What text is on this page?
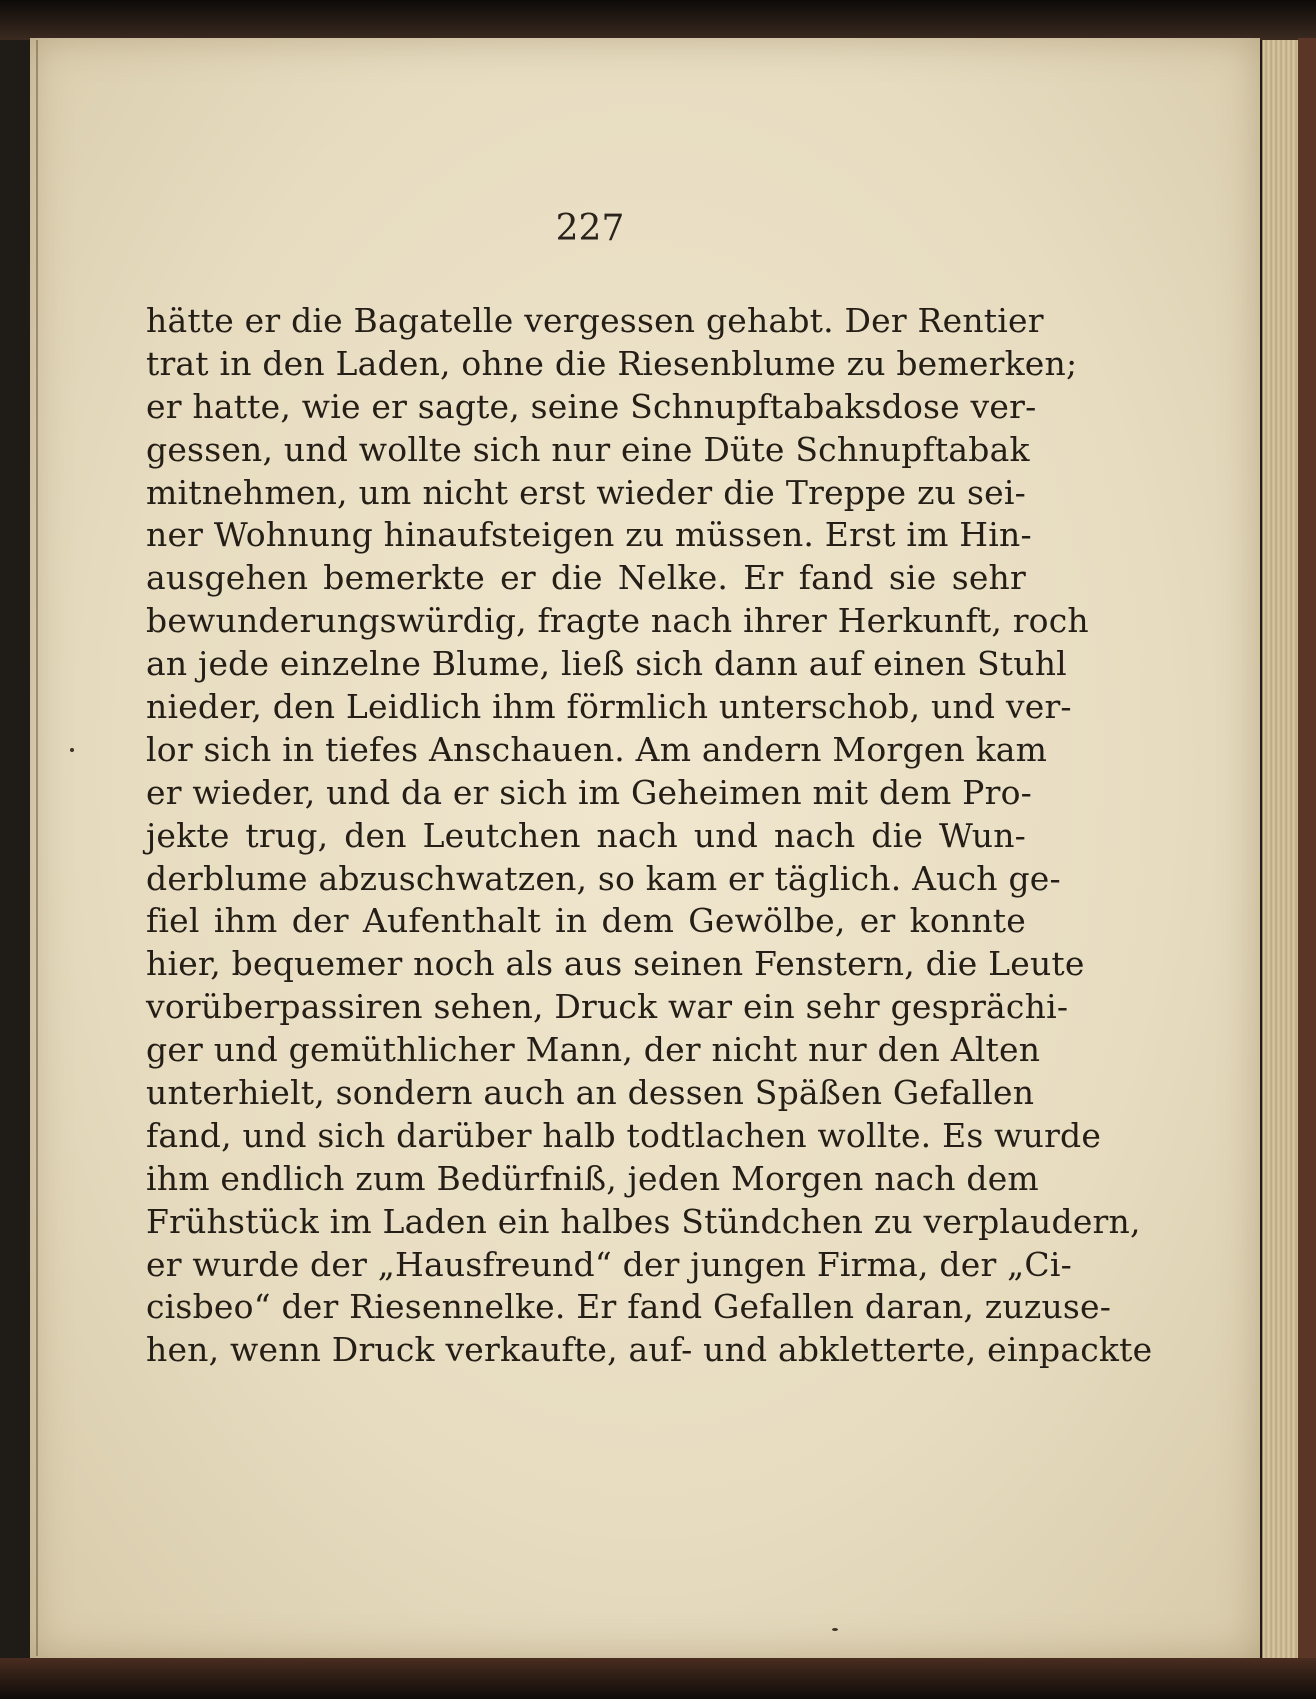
227
hätte er die Bagatelle vergessen gehabt. Der Rentier
trat in den Laden, ohne die Riesenblume zu bemerken;
er hatte, wie er sagte, seine Schnupftabaksdose ver-
gessen, und wollte sich nur eine Düte Schnupftabak
mitnehmen, um nicht erst wieder die Treppe zu sei-
ner Wohnung hinaufsteigen zu müssen. Erst im Hin-
ausgehen bemerkte er die Nelke. Er fand sie sehr
bewunderungswürdig, fragte nach ihrer Herkunft, roch
an jede einzelne Blume, ließ sich dann auf einen Stuhl
nieder, den Leidlich ihm förmlich unterschob, und ver-
lor sich in tiefes Anschauen. Am andern Morgen kam
er wieder, und da er sich im Geheimen mit dem Pro-
jekte trug, den Leutchen nach und nach die Wun-
derblume abzuschwatzen, so kam er täglich. Auch ge-
fiel ihm der Aufenthalt in dem Gewölbe, er konnte
hier, bequemer noch als aus seinen Fenstern, die Leute
vorüberpassiren sehen, Druck war ein sehr gesprächi-
ger und gemüthlicher Mann, der nicht nur den Alten
unterhielt, sondern auch an dessen Späßen Gefallen
fand, und sich darüber halb todtlachen wollte. Es wurde
ihm endlich zum Bedürfniß, jeden Morgen nach dem
Frühstück im Laden ein halbes Stündchen zu verplaudern,
er wurde der „Hausfreund“ der jungen Firma, der „Ci-
cisbeo“ der Riesennelke. Er fand Gefallen daran, zuzuse-
hen, wenn Druck verkaufte, auf- und abkletterte, einpackte
